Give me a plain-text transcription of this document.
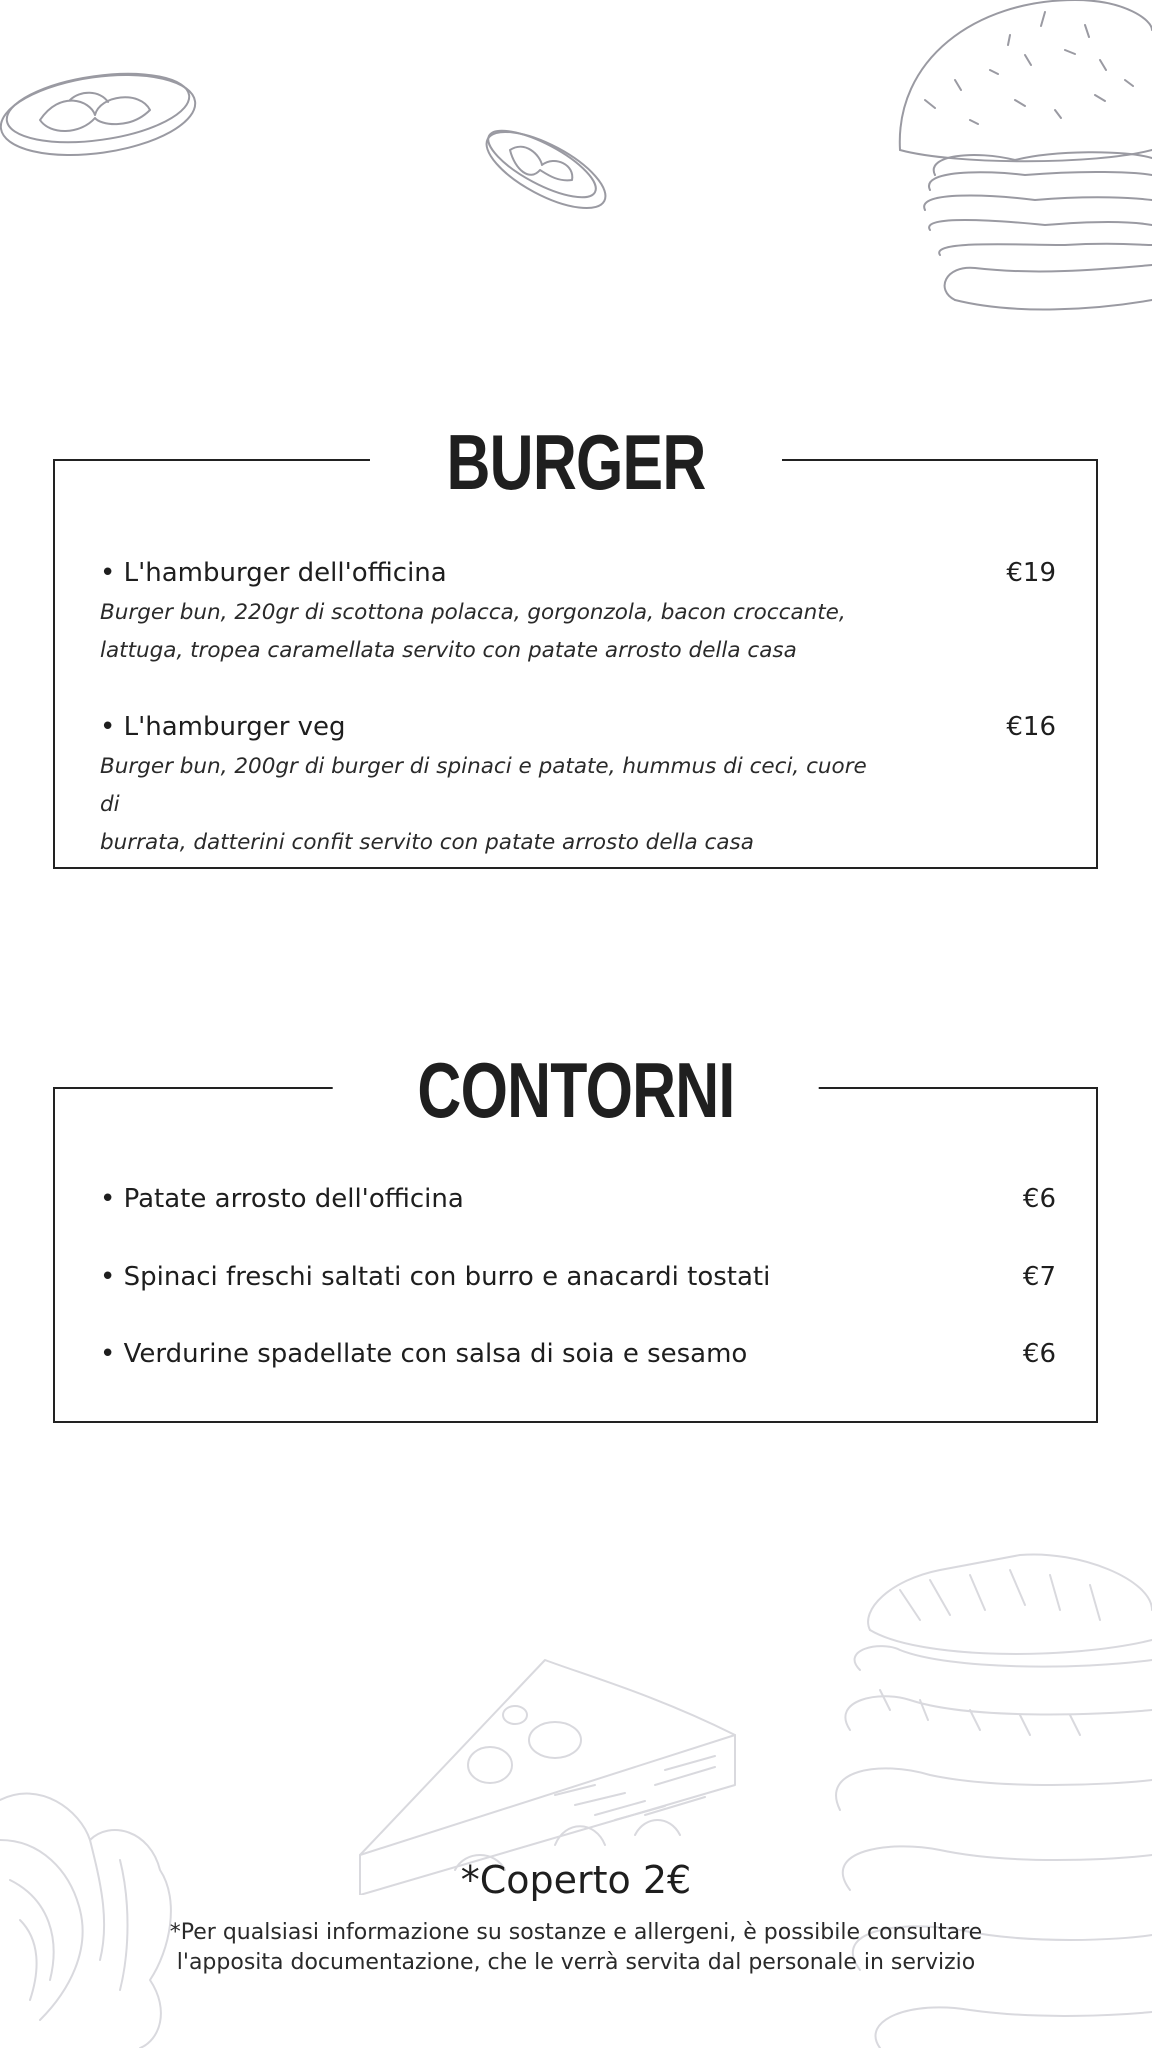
BURGER
• L'hamburger dell'officina	€19
Burger bun, 220gr di scottona polacca, gorgonzola, bacon croccante,
lattuga, tropea caramellata servito con patate arrosto della casa
• L'hamburger veg	€16
Burger bun, 200gr di burger di spinaci e patate, hummus di ceci, cuore di
burrata, datterini confit servito con patate arrosto della casa
CONTORNI
• Patate arrosto dell'officina	€6
• Spinaci freschi saltati con burro e anacardi tostati	€7
• Verdurine spadellate con salsa di soia e sesamo	€6
*Coperto 2€
*Per qualsiasi informazione su sostanze e allergeni, è possibile consultare
l'apposita documentazione, che le verrà servita dal personale in servizio
